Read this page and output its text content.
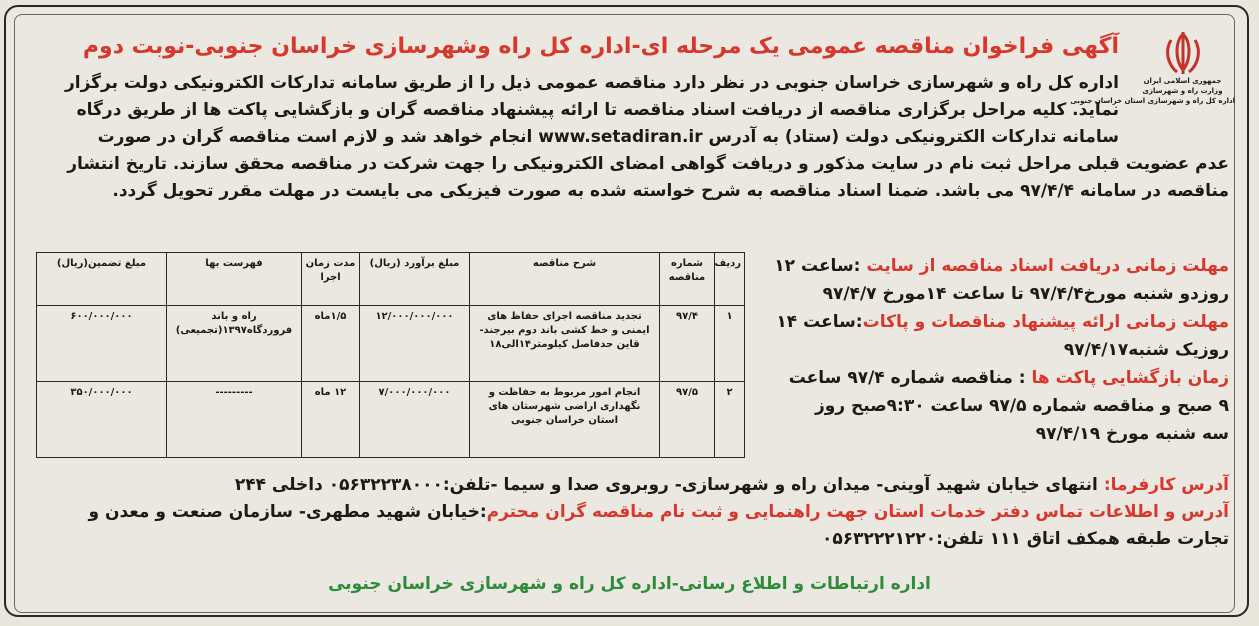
جمهوری اسلامی ایران
وزارت راه و شهرسازی
اداره کل راه و شهرسازی استان خراسان جنوبی
آگهی فراخوان مناقصه عمومی یک مرحله ای-اداره کل راه وشهرسازی خراسان جنوبی-نوبت دوم
اداره کل راه و شهرسازی خراسان جنوبی در نظر دارد مناقصه عمومی ذیل را از طریق سامانه تدارکات الکترونیکی دولت برگزار
نماید. کلیه مراحل برگزاری مناقصه از دریافت اسناد مناقصه تا ارائه پیشنهاد مناقصه گران و بازگشایی پاکت ها از طریق درگاه
سامانه تدارکات الکترونیکی دولت (ستاد) به آدرس www.setadiran.ir انجام خواهد شد و لازم است مناقصه گران در صورت
عدم عضویت قبلی مراحل ثبت نام در سایت مذکور و دریافت گواهی امضای الکترونیکی را جهت شرکت در مناقصه محقق سازند. تاریخ انتشار
مناقصه در سامانه ۹۷/۴/۴ می باشد. ضمنا اسناد مناقصه به شرح خواسته شده به صورت فیزیکی می بایست در مهلت مقرر تحویل گردد.
مهلت زمانی دریافت اسناد مناقصه از سایت :ساعت ۱۲
روزدو شنبه مورخ۹۷/۴/۴ تا ساعت ۱۴مورخ ۹۷/۴/۷
مهلت زمانی ارائه پیشنهاد مناقصات و پاکات:ساعت ۱۴
روزیک شنبه۹۷/۴/۱۷
زمان بازگشایی پاکت ها : مناقصه شماره ۹۷/۴ ساعت
۹ صبح و مناقصه شماره ۹۷/۵ ساعت ۹:۳۰صبح روز
سه شنبه مورخ ۹۷/۴/۱۹
ردیف	شماره مناقصه	شرح مناقصه	مبلغ برآورد (ریال)	مدت زمان اجرا	فهرست بها	مبلغ تضمین(ریال)
۱	۹۷/۴	تجدید مناقصه اجرای حفاظ های ایمنی و خط کشی باند دوم بیرجند- قاین حدفاصل کیلومتر۱۴الی۱۸	۱۲/۰۰۰/۰۰۰/۰۰۰	۱/۵ماه	راه و باند فروردگاه۱۳۹۷(تجمیعی)	۶۰۰/۰۰۰/۰۰۰
۲	۹۷/۵	انجام امور مربوط به حفاظت و نگهداری اراضی شهرستان های استان خراسان جنوبی	۷/۰۰۰/۰۰۰/۰۰۰	۱۲ ماه	---------	۳۵۰/۰۰۰/۰۰۰
آدرس کارفرما: انتهای خیابان شهید آوینی- میدان راه و شهرسازی- روبروی صدا و سیما -تلفن:۰۵۶۳۲۲۳۸۰۰۰ داخلی ۲۴۴
آدرس و اطلاعات تماس دفتر خدمات استان جهت راهنمایی و ثبت نام مناقصه گران محترم:خیابان شهید مطهری- سازمان صنعت و معدن و
تجارت طبقه همکف اتاق ۱۱۱ تلفن:۰۵۶۳۲۲۲۱۲۲۰
اداره ارتباطات و اطلاع رسانی-اداره کل راه و شهرسازی خراسان جنوبی
